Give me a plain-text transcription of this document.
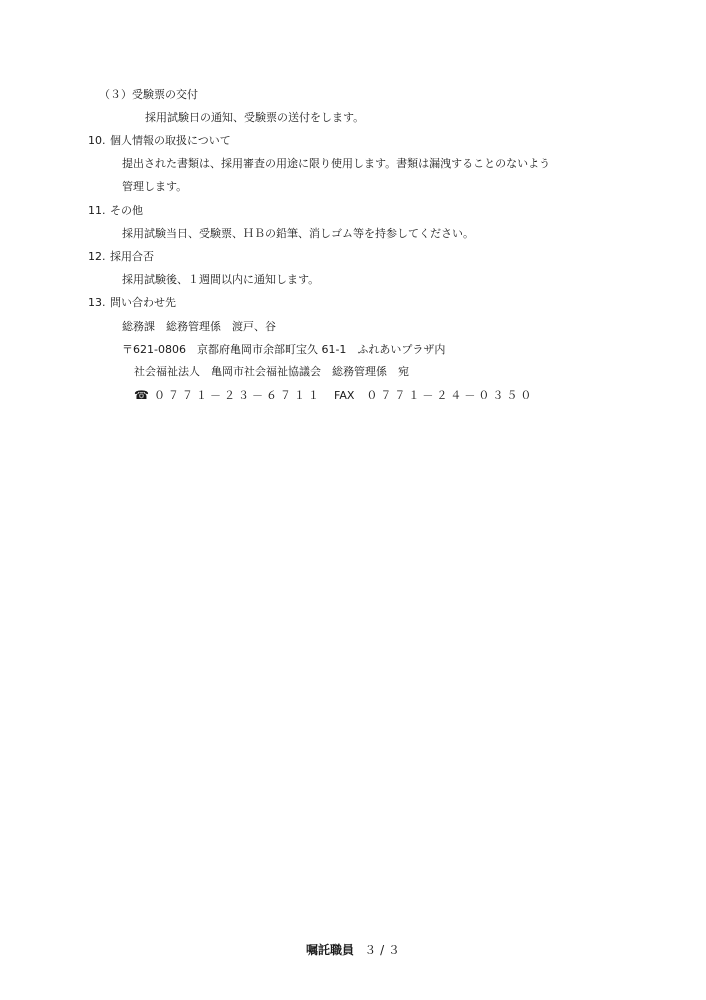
（３）受験票の交付
採用試験日の通知、受験票の送付をします。
10. 個人情報の取扱について
提出された書類は、採用審査の用途に限り使用します。書類は漏洩することのないよう
管理します。
11. その他
採用試験当日、受験票、ＨＢの鉛筆、消しゴム等を持参してください。
12. 採用合否
採用試験後、１週間以内に通知します。
13. 問い合わせ先
総務課　総務管理係　渡戸、谷
〒621-0806　京都府亀岡市余部町宝久 61-1　ふれあいプラザ内
社会福祉法人　亀岡市社会福祉協議会　総務管理係　宛
☎ ０７７１－２３－６７１１ FAX ０７７１－２４－０３５０
嘱託職員 ３ / ３
